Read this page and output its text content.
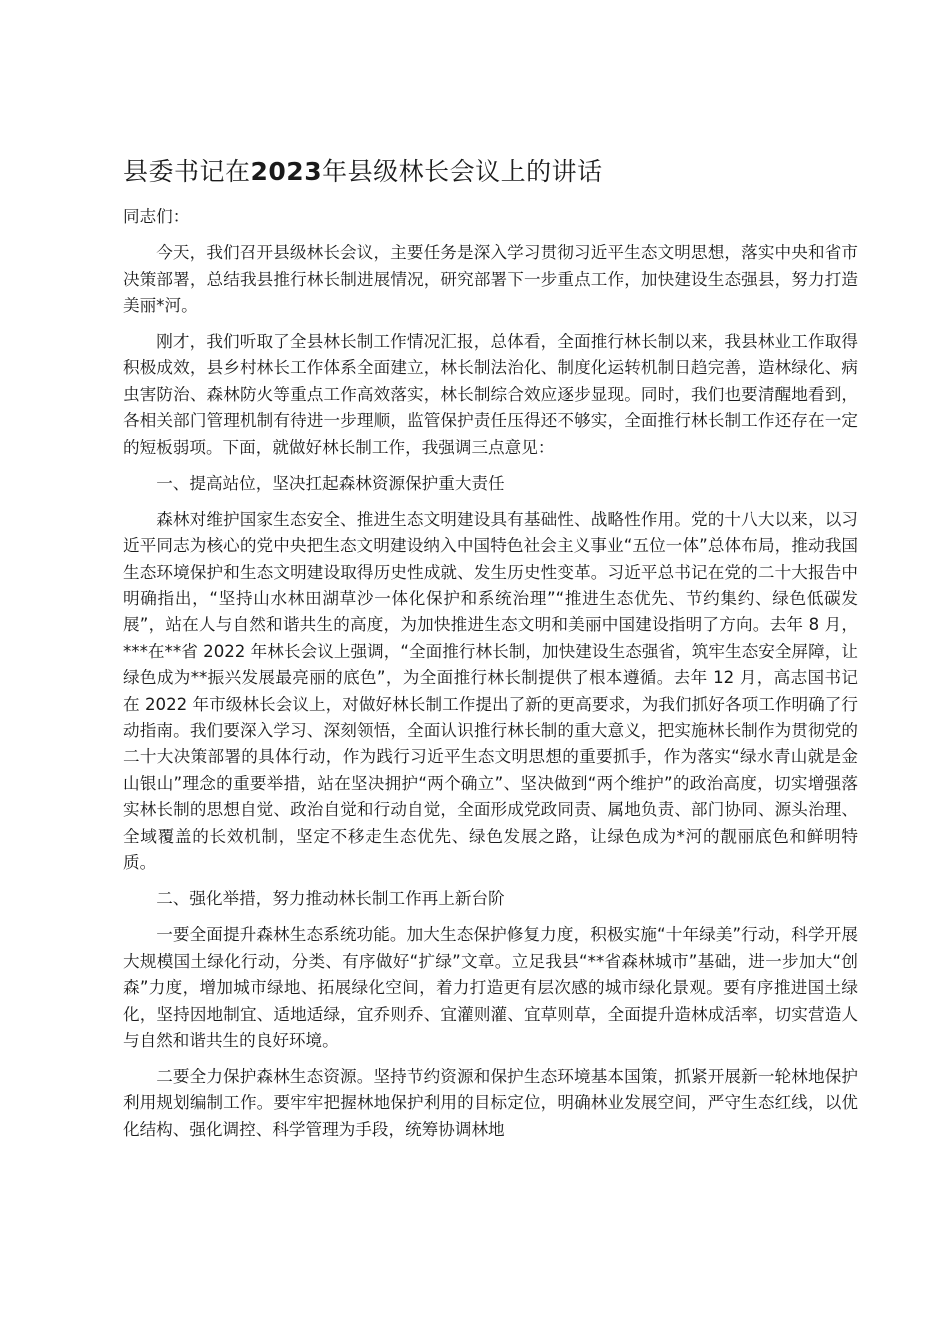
县委书记在2023年县级林长会议上的讲话

同志们：

今天，我们召开县级林长会议，主要任务是深入学习贯彻习近平生态文明思想，落实中央和省市决策部署，总结我县推行林长制进展情况，研究部署下一步重点工作，加快建设生态强县，努力打造美丽*河。

刚才，我们听取了全县林长制工作情况汇报，总体看，全面推行林长制以来，我县林业工作取得积极成效，县乡村林长工作体系全面建立，林长制法治化、制度化运转机制日趋完善，造林绿化、病虫害防治、森林防火等重点工作高效落实，林长制综合效应逐步显现。同时，我们也要清醒地看到，各相关部门管理机制有待进一步理顺，监管保护责任压得还不够实，全面推行林长制工作还存在一定的短板弱项。下面，就做好林长制工作，我强调三点意见：

一、提高站位，坚决扛起森林资源保护重大责任

森林对维护国家生态安全、推进生态文明建设具有基础性、战略性作用。党的十八大以来，以习近平同志为核心的党中央把生态文明建设纳入中国特色社会主义事业“五位一体”总体布局，推动我国生态环境保护和生态文明建设取得历史性成就、发生历史性变革。习近平总书记在党的二十大报告中明确指出，“坚持山水林田湖草沙一体化保护和系统治理”“推进生态优先、节约集约、绿色低碳发展”，站在人与自然和谐共生的高度，为加快推进生态文明和美丽中国建设指明了方向。去年 8 月，***在**省 2022 年林长会议上强调，“全面推行林长制，加快建设生态强省，筑牢生态安全屏障，让绿色成为**振兴发展最亮丽的底色”，为全面推行林长制提供了根本遵循。去年 12 月，高志国书记在 2022 年市级林长会议上，对做好林长制工作提出了新的更高要求，为我们抓好各项工作明确了行动指南。我们要深入学习、深刻领悟，全面认识推行林长制的重大意义，把实施林长制作为贯彻党的二十大决策部署的具体行动，作为践行习近平生态文明思想的重要抓手，作为落实“绿水青山就是金山银山”理念的重要举措，站在坚决拥护“两个确立”、坚决做到“两个维护”的政治高度，切实增强落实林长制的思想自觉、政治自觉和行动自觉，全面形成党政同责、属地负责、部门协同、源头治理、全域覆盖的长效机制，坚定不移走生态优先、绿色发展之路，让绿色成为*河的靓丽底色和鲜明特质。

二、强化举措，努力推动林长制工作再上新台阶

一要全面提升森林生态系统功能。加大生态保护修复力度，积极实施“十年绿美”行动，科学开展大规模国土绿化行动，分类、有序做好“扩绿”文章。立足我县“**省森林城市”基础，进一步加大“创森”力度，增加城市绿地、拓展绿化空间，着力打造更有层次感的城市绿化景观。要有序推进国土绿化，坚持因地制宜、适地适绿，宜乔则乔、宜灌则灌、宜草则草，全面提升造林成活率，切实营造人与自然和谐共生的良好环境。

二要全力保护森林生态资源。坚持节约资源和保护生态环境基本国策，抓紧开展新一轮林地保护利用规划编制工作。要牢牢把握林地保护利用的目标定位，明确林业发展空间，严守生态红线，以优化结构、强化调控、科学管理为手段，统筹协调林地
